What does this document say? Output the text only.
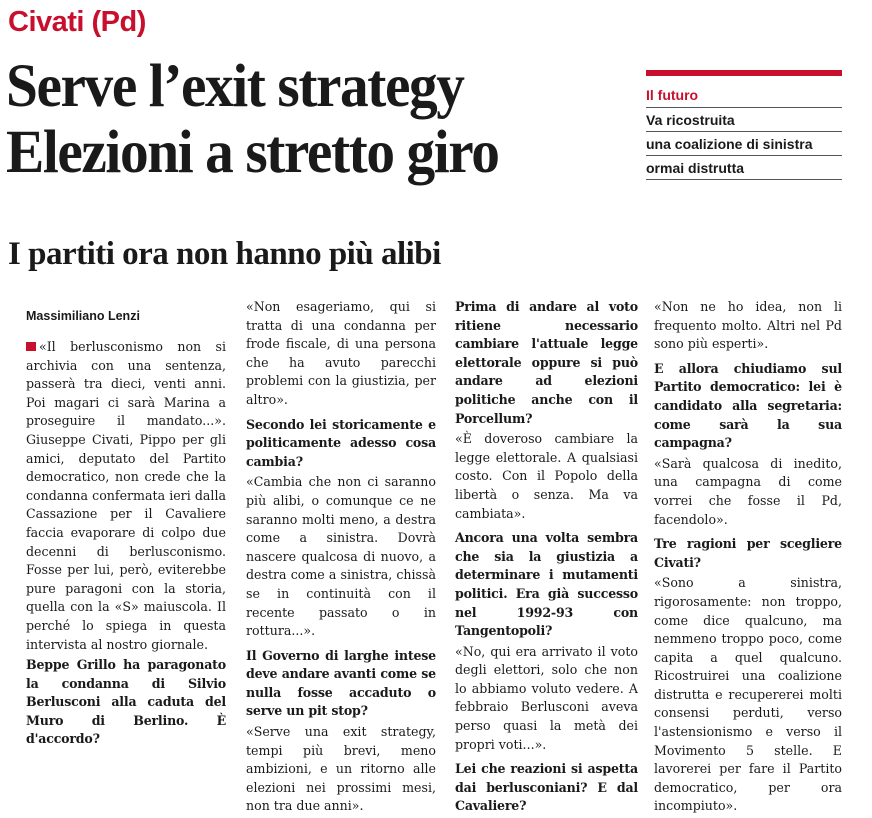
Civati (Pd)
Serve l’exit strategy
Elezioni a stretto giro
I partiti ora non hanno più alibi
Il futuro
Va ricostruita
una coalizione di sinistra
ormai distrutta
Massimiliano Lenzi

«Il berlusconismo non si archivia con una sentenza, passerà tra dieci, venti anni. Poi magari ci sarà Marina a proseguire il mandato...». Giuseppe Civati, Pippo per gli amici, deputato del Partito democratico, non crede che la condanna confermata ieri dalla Cassazione per il Cavaliere faccia evaporare di colpo due decenni di berlusconismo. Fosse per lui, però, eviterebbe pure paragoni con la storia, quella con la «S» maiuscola. Il perché lo spiega in questa intervista al nostro giornale.

Beppe Grillo ha paragonato la condanna di Silvio Berlusconi alla caduta del Muro di Berlino. È d'accordo?

«Non esageriamo, qui si tratta di una condanna per frode fiscale, di una persona che ha avuto parecchi problemi con la giustizia, per altro».

Secondo lei storicamente e politicamente adesso cosa cambia?

«Cambia che non ci saranno più alibi, o comunque ce ne saranno molti meno, a destra come a sinistra. Dovrà nascere qualcosa di nuovo, a destra come a sinistra, chissà se in continuità con il recente passato o in rottura...».

Il Governo di larghe intese deve andare avanti come se nulla fosse accaduto o serve un pit stop?

«Serve una exit strategy, tempi più brevi, meno ambizioni, e un ritorno alle elezioni nei prossimi mesi, non tra due anni».

Prima di andare al voto ritiene necessario cambiare l'attuale legge elettorale oppure si può andare ad elezioni politiche anche con il Porcellum?

«È doveroso cambiare la legge elettorale. A qualsiasi costo. Con il Popolo della libertà o senza. Ma va cambiata».

Ancora una volta sembra che sia la giustizia a determinare i mutamenti politici. Era già successo nel 1992-93 con Tangentopoli?

«No, qui era arrivato il voto degli elettori, solo che non lo abbiamo voluto vedere. A febbraio Berlusconi aveva perso quasi la metà dei propri voti...».

Lei che reazioni si aspetta dai berlusconiani? E dal Cavaliere?

«Non ne ho idea, non li frequento molto. Altri nel Pd sono più esperti».

E allora chiudiamo sul Partito democratico: lei è candidato alla segretaria: come sarà la sua campagna?

«Sarà qualcosa di inedito, una campagna di come vorrei che fosse il Pd, facendolo».

Tre ragioni per scegliere Civati?

«Sono a sinistra, rigorosamente: non troppo, come dice qualcuno, ma nemmeno troppo poco, come capita a quel qualcuno. Ricostruirei una coalizione distrutta e recupererei molti consensi perduti, verso l'astensionismo e verso il Movimento 5 stelle. E lavorerei per fare il Partito democratico, per ora incompiuto».
